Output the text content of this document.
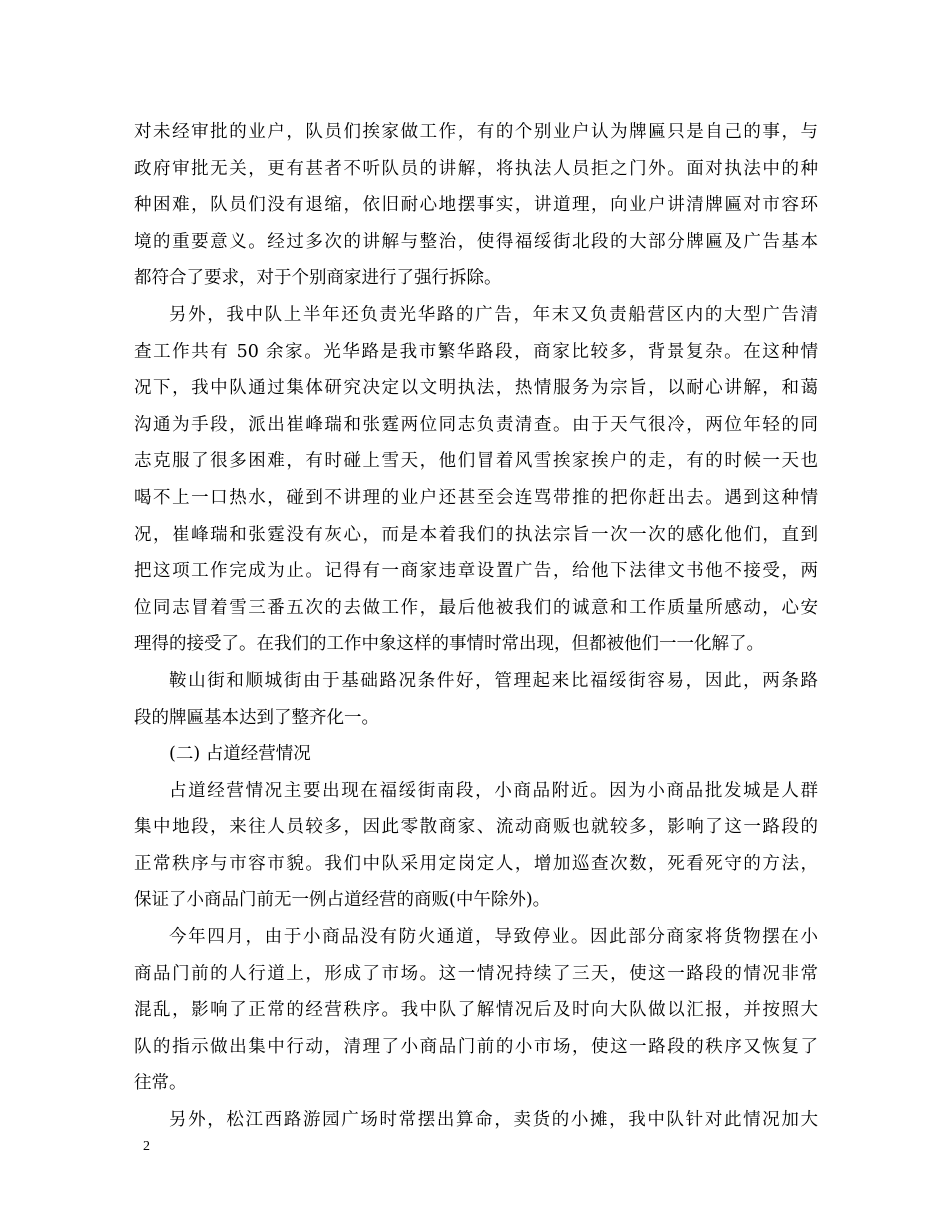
对未经审批的业户，队员们挨家做工作，有的个别业户认为牌匾只是自己的事，与
政府审批无关，更有甚者不听队员的讲解，将执法人员拒之门外。面对执法中的种
种困难，队员们没有退缩，依旧耐心地摆事实，讲道理，向业户讲清牌匾对市容环
境的重要意义。经过多次的讲解与整治，使得福绥街北段的大部分牌匾及广告基本
都符合了要求，对于个别商家进行了强行拆除。
另外，我中队上半年还负责光华路的广告，年末又负责船营区内的大型广告清
查工作共有 50 余家。光华路是我市繁华路段，商家比较多，背景复杂。在这种情
况下，我中队通过集体研究决定以文明执法，热情服务为宗旨，以耐心讲解，和蔼
沟通为手段，派出崔峰瑞和张霆两位同志负责清查。由于天气很冷，两位年轻的同
志克服了很多困难，有时碰上雪天，他们冒着风雪挨家挨户的走，有的时候一天也
喝不上一口热水，碰到不讲理的业户还甚至会连骂带推的把你赶出去。遇到这种情
况，崔峰瑞和张霆没有灰心，而是本着我们的执法宗旨一次一次的感化他们，直到
把这项工作完成为止。记得有一商家违章设置广告，给他下法律文书他不接受，两
位同志冒着雪三番五次的去做工作，最后他被我们的诚意和工作质量所感动，心安
理得的接受了。在我们的工作中象这样的事情时常出现，但都被他们一一化解了。
鞍山街和顺城街由于基础路况条件好，管理起来比福绥街容易，因此，两条路
段的牌匾基本达到了整齐化一。
(二) 占道经营情况
占道经营情况主要出现在福绥街南段，小商品附近。因为小商品批发城是人群
集中地段，来往人员较多，因此零散商家、流动商贩也就较多，影响了这一路段的
正常秩序与市容市貌。我们中队采用定岗定人，增加巡查次数，死看死守的方法，
保证了小商品门前无一例占道经营的商贩(中午除外)。
今年四月，由于小商品没有防火通道，导致停业。因此部分商家将货物摆在小
商品门前的人行道上，形成了市场。这一情况持续了三天，使这一路段的情况非常
混乱，影响了正常的经营秩序。我中队了解情况后及时向大队做以汇报，并按照大
队的指示做出集中行动，清理了小商品门前的小市场，使这一路段的秩序又恢复了
往常。
另外，松江西路游园广场时常摆出算命，卖货的小摊，我中队针对此情况加大
2
